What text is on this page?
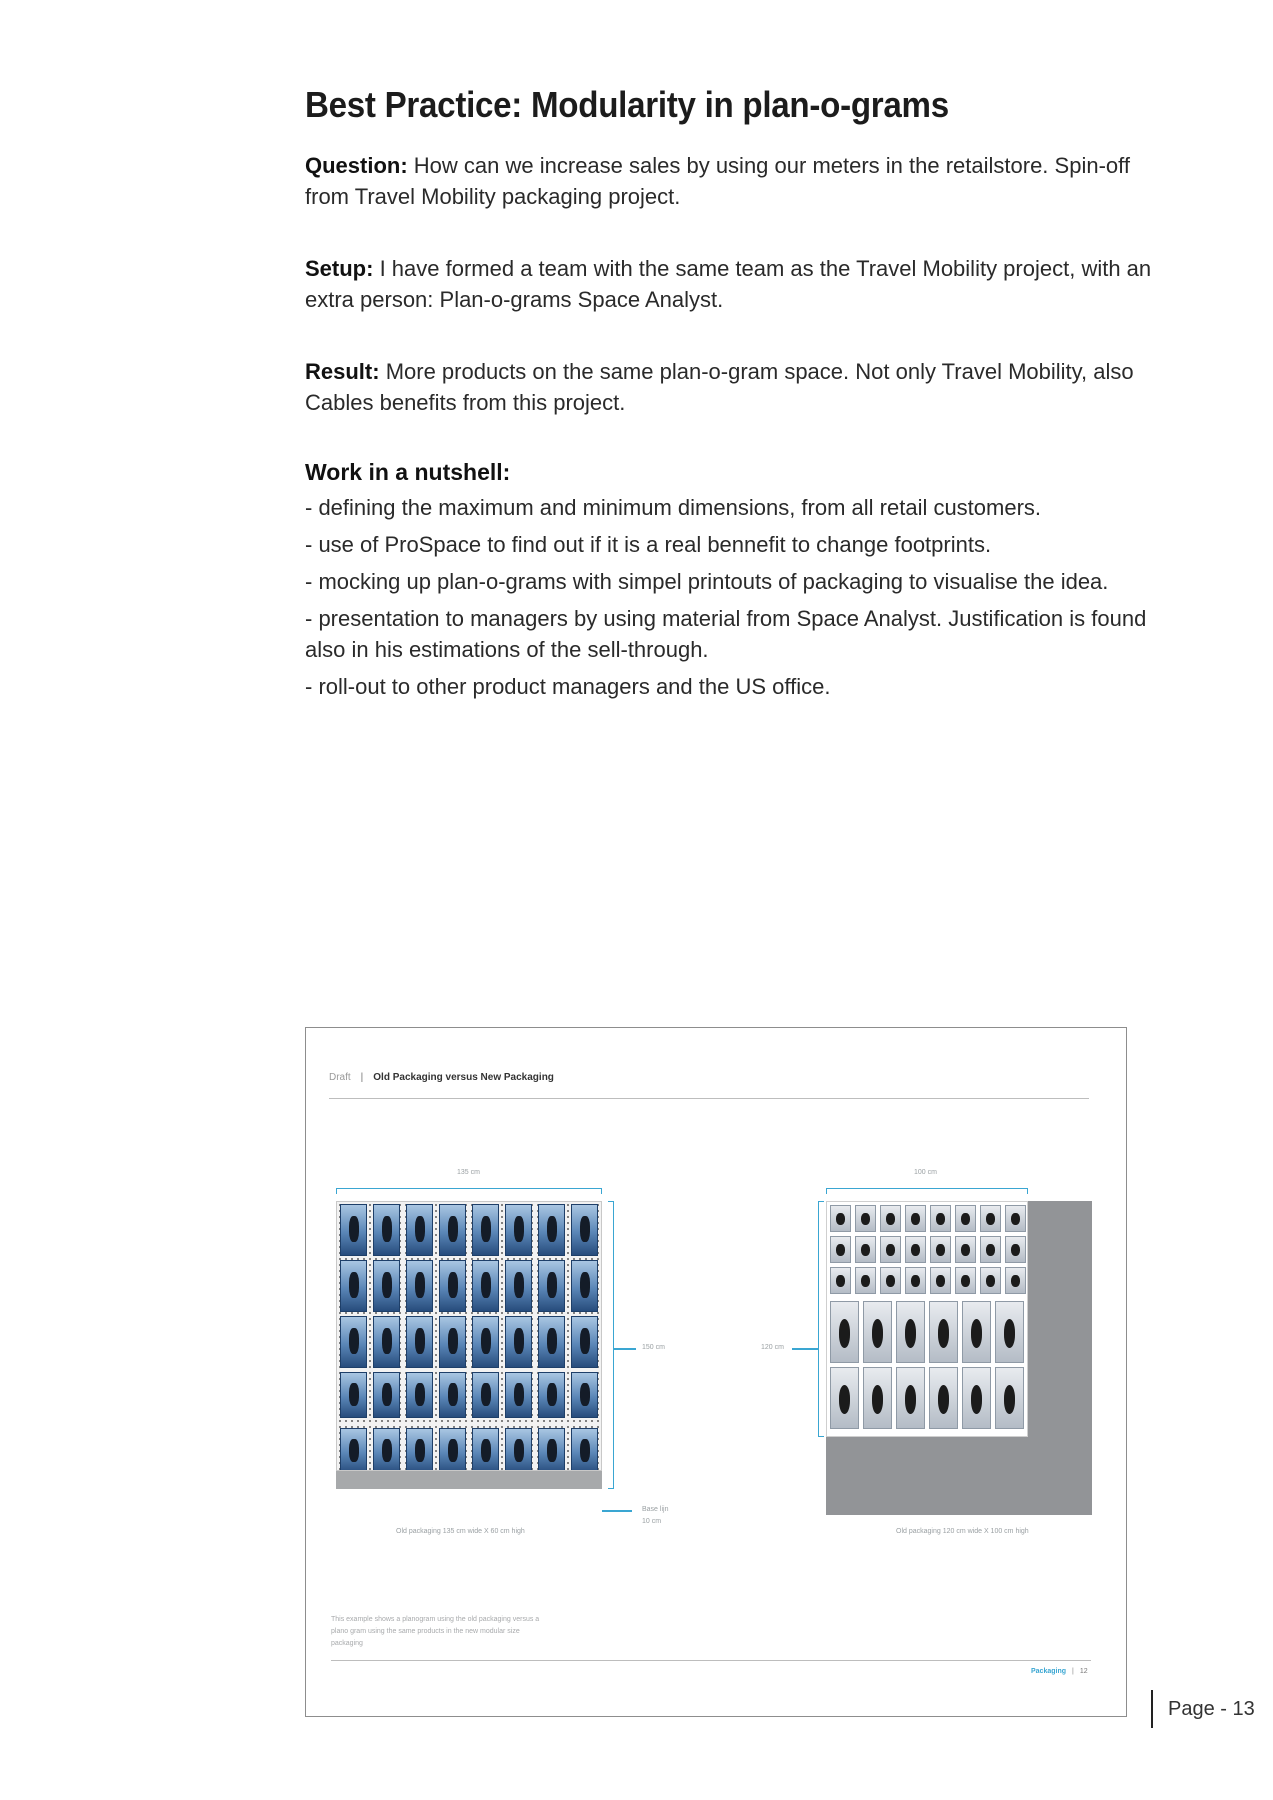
Best Practice: Modularity in plan-o-grams

Question: How can we increase sales by using our meters in the retailstore. Spin-off from Travel Mobility packaging project.

Setup: I have formed a team with the same team as the Travel Mobility project, with an extra person: Plan-o-grams Space Analyst.

Result: More products on the same plan-o-gram space. Not only Travel Mobility, also Cables benefits from this project.

Work in a nutshell:
- defining the maximum and minimum dimensions, from all retail customers.
- use of ProSpace to find out if it is a real bennefit to change footprints.
- mocking up plan-o-grams with simpel printouts of packaging to visualise the idea.
- presentation to managers by using material from Space Analyst. Justification is found also in his estimations of the sell-through.
- roll-out to other product managers and the US office.
Draft | Old Packaging versus New Packaging
135 cm
150 cm
Base lijn
10 cm
Old packaging 135 cm wide X 60 cm high
100 cm
120 cm
Old packaging 120 cm wide X 100 cm high
This example shows a planogram using the old packaging versus a plano gram using the same products in the new modular size packaging
Packaging | 12
Page - 13
